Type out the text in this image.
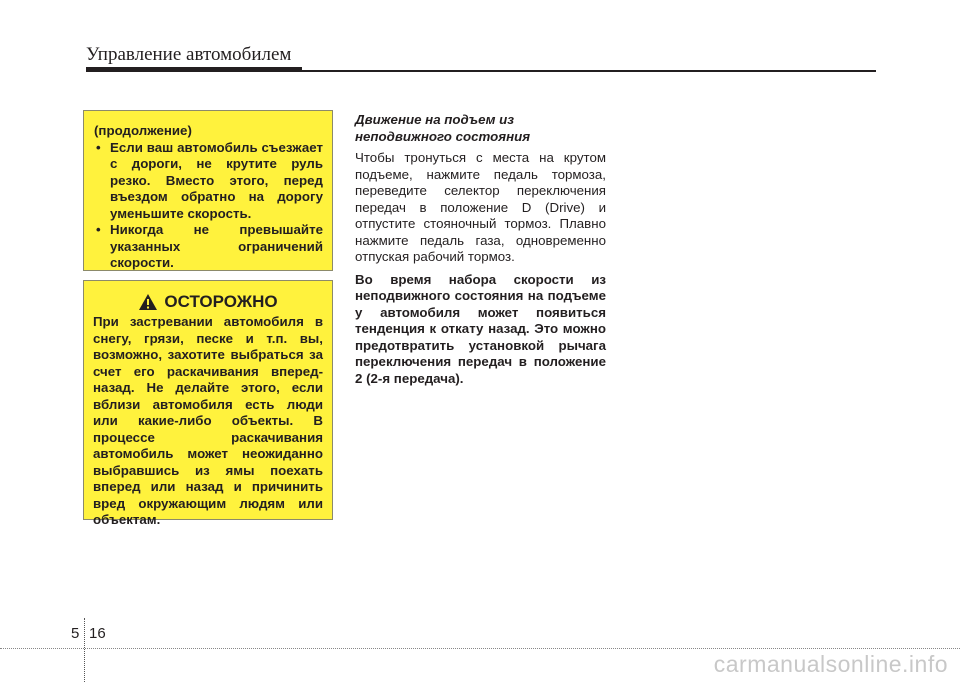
Управление автомобилем
(продолжение)
• Если ваш автомобиль съезжает с дороги, не крутите руль резко. Вместо этого, перед въездом обратно на дорогу уменьшите скорость.
• Никогда не превышайте указанных ограничений скорости.
ОСТОРОЖНО
При застревании автомобиля в снегу, грязи, песке и т.п. вы, возможно, захотите выбраться за счет его раскачивания вперед-назад. Не делайте этого, если вблизи автомобиля есть люди или какие-либо объекты. В процессе раскачивания автомобиль может неожиданно выбравшись из ямы поехать вперед или назад и причинить вред окружающим людям или объектам.
Движение на подъем из неподвижного состояния

Чтобы тронуться с места на крутом подъеме, нажмите педаль тормоза, переведите селектор переключения передач в положение D (Drive) и отпустите стояночный тормоз. Плавно нажмите педаль газа, одновременно отпуская рабочий тормоз.

Во время набора скорости из неподвижного состояния на подъеме у автомобиля может появиться тенденция к откату назад. Это можно предотвратить установкой рычага переключения передач в положение 2 (2-я передача).

5 16
carmanualsonline.info
